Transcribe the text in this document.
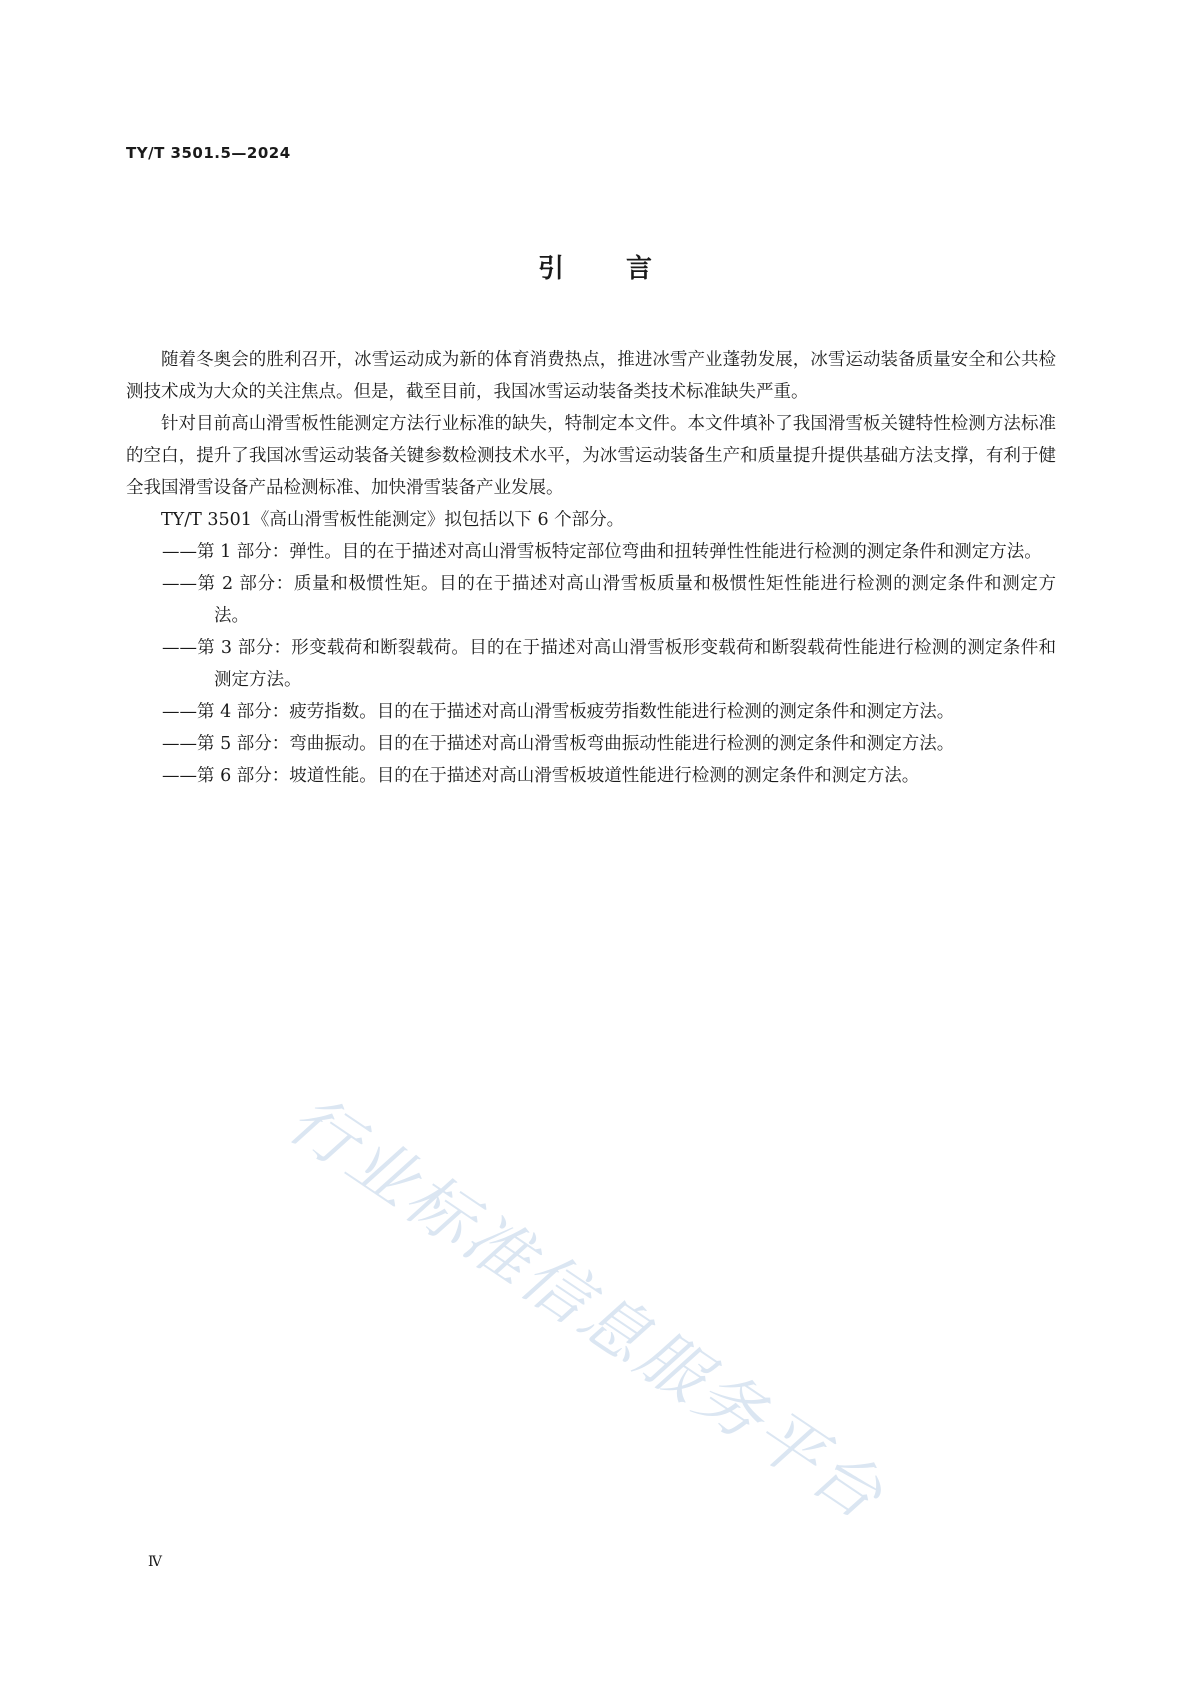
TY/T 3501.5—2024
引言

随着冬奥会的胜利召开，冰雪运动成为新的体育消费热点，推进冰雪产业蓬勃发展，冰雪运动装备质量安全和公共检测技术成为大众的关注焦点。但是，截至目前，我国冰雪运动装备类技术标准缺失严重。

针对目前高山滑雪板性能测定方法行业标准的缺失，特制定本文件。本文件填补了我国滑雪板关键特性检测方法标准的空白，提升了我国冰雪运动装备关键参数检测技术水平，为冰雪运动装备生产和质量提升提供基础方法支撑，有利于健全我国滑雪设备产品检测标准、加快滑雪装备产业发展。

TY/T 3501《高山滑雪板性能测定》拟包括以下 6 个部分。

——第 1 部分：弹性。目的在于描述对高山滑雪板特定部位弯曲和扭转弹性性能进行检测的测定条件和测定方法。

——第 2 部分：质量和极惯性矩。目的在于描述对高山滑雪板质量和极惯性矩性能进行检测的测定条件和测定方法。

——第 3 部分：形变载荷和断裂载荷。目的在于描述对高山滑雪板形变载荷和断裂载荷性能进行检测的测定条件和测定方法。

——第 4 部分：疲劳指数。目的在于描述对高山滑雪板疲劳指数性能进行检测的测定条件和测定方法。

——第 5 部分：弯曲振动。目的在于描述对高山滑雪板弯曲振动性能进行检测的测定条件和测定方法。

——第 6 部分：坡道性能。目的在于描述对高山滑雪板坡道性能进行检测的测定条件和测定方法。

行业标准信息服务平台
Ⅳ
